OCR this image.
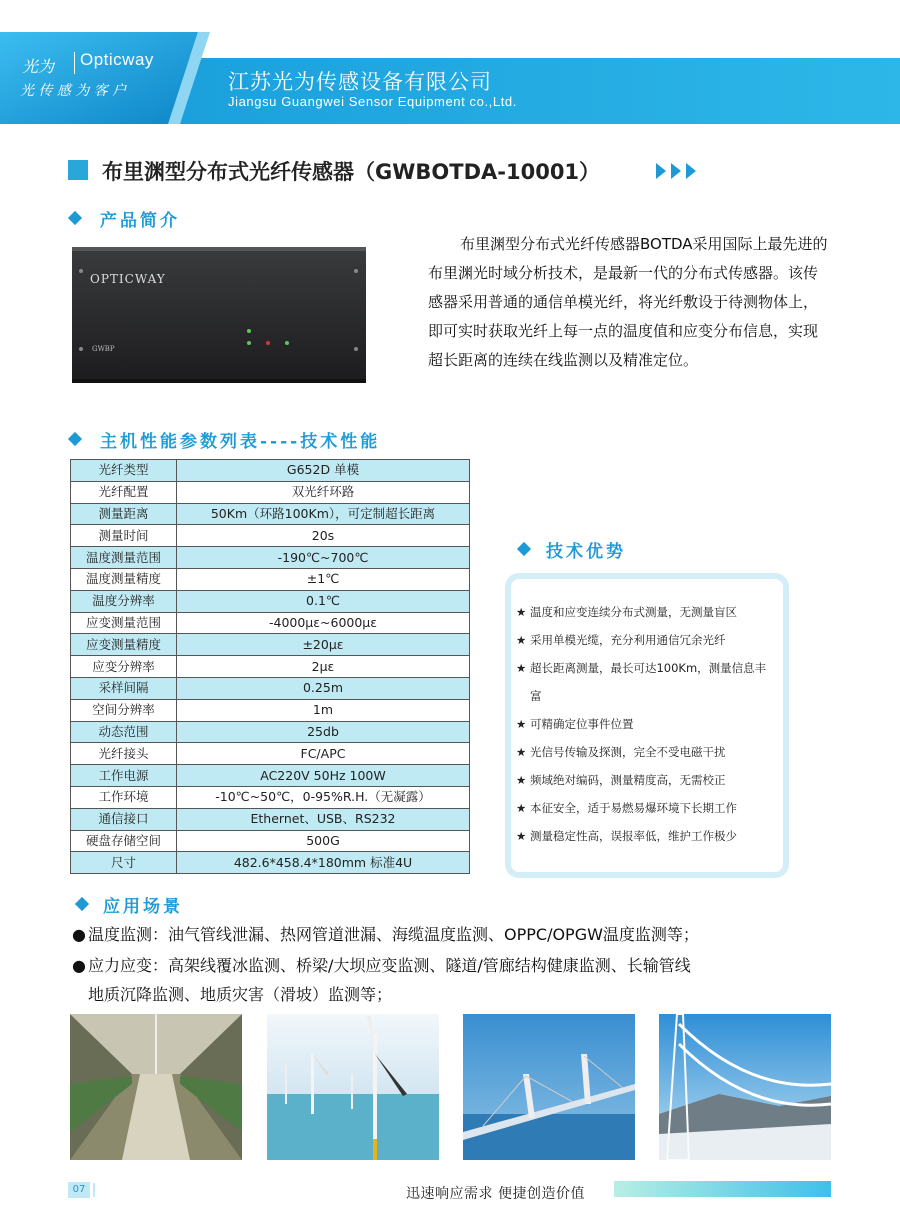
光为 Opticway
光 传 感 为 客 户	江苏光为传感设备有限公司
Jiangsu Guangwei Sensor Equipment co.,Ltd.
布里渊型分布式光纤传感器（GWBOTDA-10001）
产品简介
OPTICWAY
GWBP
布里渊型分布式光纤传感器BOTDA采用国际上最先进的布里渊光时域分析技术，是最新一代的分布式传感器。该传感器采用普通的通信单模光纤，将光纤敷设于待测物体上，即可实时获取光纤上每一点的温度值和应变分布信息，实现超长距离的连续在线监测以及精准定位。
主机性能参数列表----技术性能
光纤类型	G652D 单模
光纤配置	双光纤环路
测量距离	50Km（环路100Km），可定制超长距离
测量时间	20s
温度测量范围	-190℃~700℃
温度测量精度	±1℃
温度分辨率	0.1℃
应变测量范围	-4000με~6000με
应变测量精度	±20με
应变分辨率	2με
采样间隔	0.25m
空间分辨率	1m
动态范围	25db
光纤接头	FC/APC
工作电源	AC220V 50Hz 100W
工作环境	-10℃~50℃，0-95%R.H.（无凝露）
通信接口	Ethernet、USB、RS232
硬盘存储空间	500G
尺寸	482.6*458.4*180mm 标准4U
技术优势
★ 温度和应变连续分布式测量，无测量盲区
★ 采用单模光缆，充分利用通信冗余光纤
★ 超长距离测量，最长可达100Km，测量信息丰富
★ 可精确定位事件位置
★ 光信号传输及探测，完全不受电磁干扰
★ 频域绝对编码，测量精度高，无需校正
★ 本征安全，适于易燃易爆环境下长期工作
★ 测量稳定性高，误报率低，维护工作极少
应用场景
● 温度监测：油气管线泄漏、热网管道泄漏、海缆温度监测、OPPC/OPGW温度监测等；
● 应力应变：高架线覆冰监测、桥梁/大坝应变监测、隧道/管廊结构健康监测、长输管线
地质沉降监测、地质灾害（滑坡）监测等；
07	迅速响应需求 便捷创造价值
